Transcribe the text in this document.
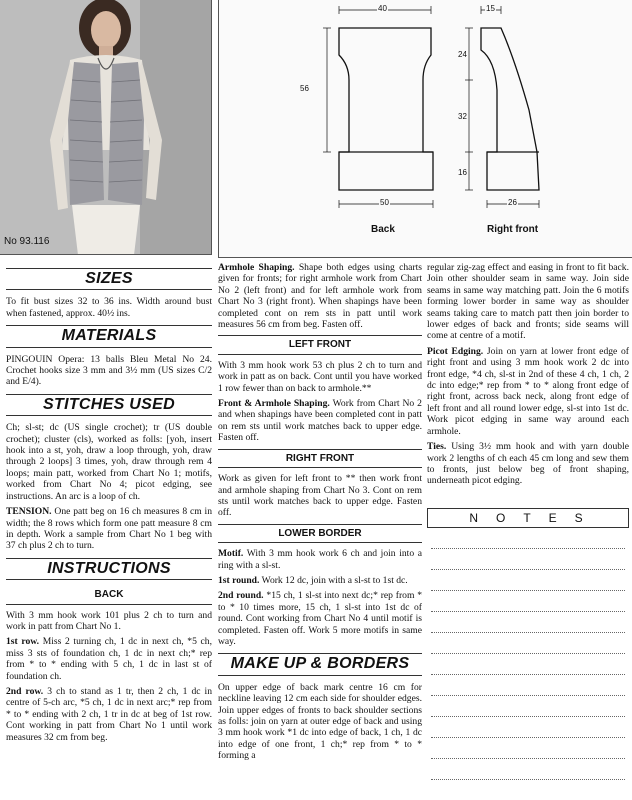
No 93.116
40	15
56
24
32
16
50	26
Back	Right front
SIZES

To fit bust sizes 32 to 36 ins. Width around bust when fastened, approx. 40½ ins.

MATERIALS

PINGOUIN Opera: 13 balls Bleu Metal No 24. Crochet hooks size 3 mm and 3½ mm (US sizes C/2 and E/4).

STITCHES USED

Ch; sl-st; dc (US single crochet); tr (US double crochet); cluster (cls), worked as folls: [yoh, insert hook into a st, yoh, draw a loop through, yoh, draw through 2 loops] 3 times, yoh, draw through rem 4 loops; main patt, worked from Chart No 1; motifs, worked from Chart No 4; picot edging, see instructions. An arc is a loop of ch.

TENSION. One patt beg on 16 ch measures 8 cm in width; the 8 rows which form one patt measure 8 cm in depth. Work a sample from Chart No 1 beg with 37 ch plus 2 ch to turn.

INSTRUCTIONS
BACK

With 3 mm hook work 101 plus 2 ch to turn and work in patt from Chart No 1.

1st row. Miss 2 turning ch, 1 dc in next ch, *5 ch, miss 3 sts of foundation ch, 1 dc in next ch;* rep from * to * ending with 5 ch, 1 dc in last st of foundation ch.

2nd row. 3 ch to stand as 1 tr, then 2 ch, 1 dc in centre of 5-ch arc, *5 ch, 1 dc in next arc;* rep from * to * ending with 2 ch, 1 tr in dc at beg of 1st row. Cont working in patt from Chart No 1 until work measures 32 cm from beg.

Armhole Shaping. Shape both edges using charts given for fronts; for right armhole work from Chart No 2 (left front) and for left armhole work from Chart No 3 (right front). When shapings have been completed cont on rem sts in patt until work measures 56 cm from beg. Fasten off.

LEFT FRONT

With 3 mm hook work 53 ch plus 2 ch to turn and work in patt as on back. Cont until you have worked 1 row fewer than on back to armhole.**

Front & Armhole Shaping. Work from Chart No 2 and when shapings have been completed cont in patt on rem sts until work matches back to upper edge. Fasten off.

RIGHT FRONT

Work as given for left front to ** then work front and armhole shaping from Chart No 3. Cont on rem sts until work matches back to upper edge. Fasten off.

LOWER BORDER

Motif. With 3 mm hook work 6 ch and join into a ring with a sl-st.

1st round. Work 12 dc, join with a sl-st to 1st dc.

2nd round. *15 ch, 1 sl-st into next dc;* rep from * to * 10 times more, 15 ch, 1 sl-st into 1st dc of round. Cont working from Chart No 4 until motif is completed. Fasten off. Work 5 more motifs in same way.

MAKE UP & BORDERS

On upper edge of back mark centre 16 cm for neckline leaving 12 cm each side for shoulder edges. Join upper edges of fronts to back shoulder sections as folls: join on yarn at outer edge of back and using 3 mm hook work *1 dc into edge of back, 1 ch, 1 dc into edge of one front, 1 ch;* rep from * to * forming a

regular zig-zag effect and easing in front to fit back. Join other shoulder seam in same way. Join side seams in same way matching patt. Join the 6 motifs forming lower border in same way as shoulder seams taking care to match patt then join border to lower edges of back and fronts; side seams will come at centre of a motif.

Picot Edging. Join on yarn at lower front edge of right front and using 3 mm hook work 2 dc into front edge, *4 ch, sl-st in 2nd of these 4 ch, 1 ch, 2 dc into edge;* rep from * to * along front edge of right front, across back neck, along front edge of left front and all round lower edge, sl-st into 1st dc. Work picot edging in same way around each armhole.

Ties. Using 3½ mm hook and with yarn double work 2 lengths of ch each 45 cm long and sew them to fronts, just below beg of front shaping, underneath picot edging.

NOTES
